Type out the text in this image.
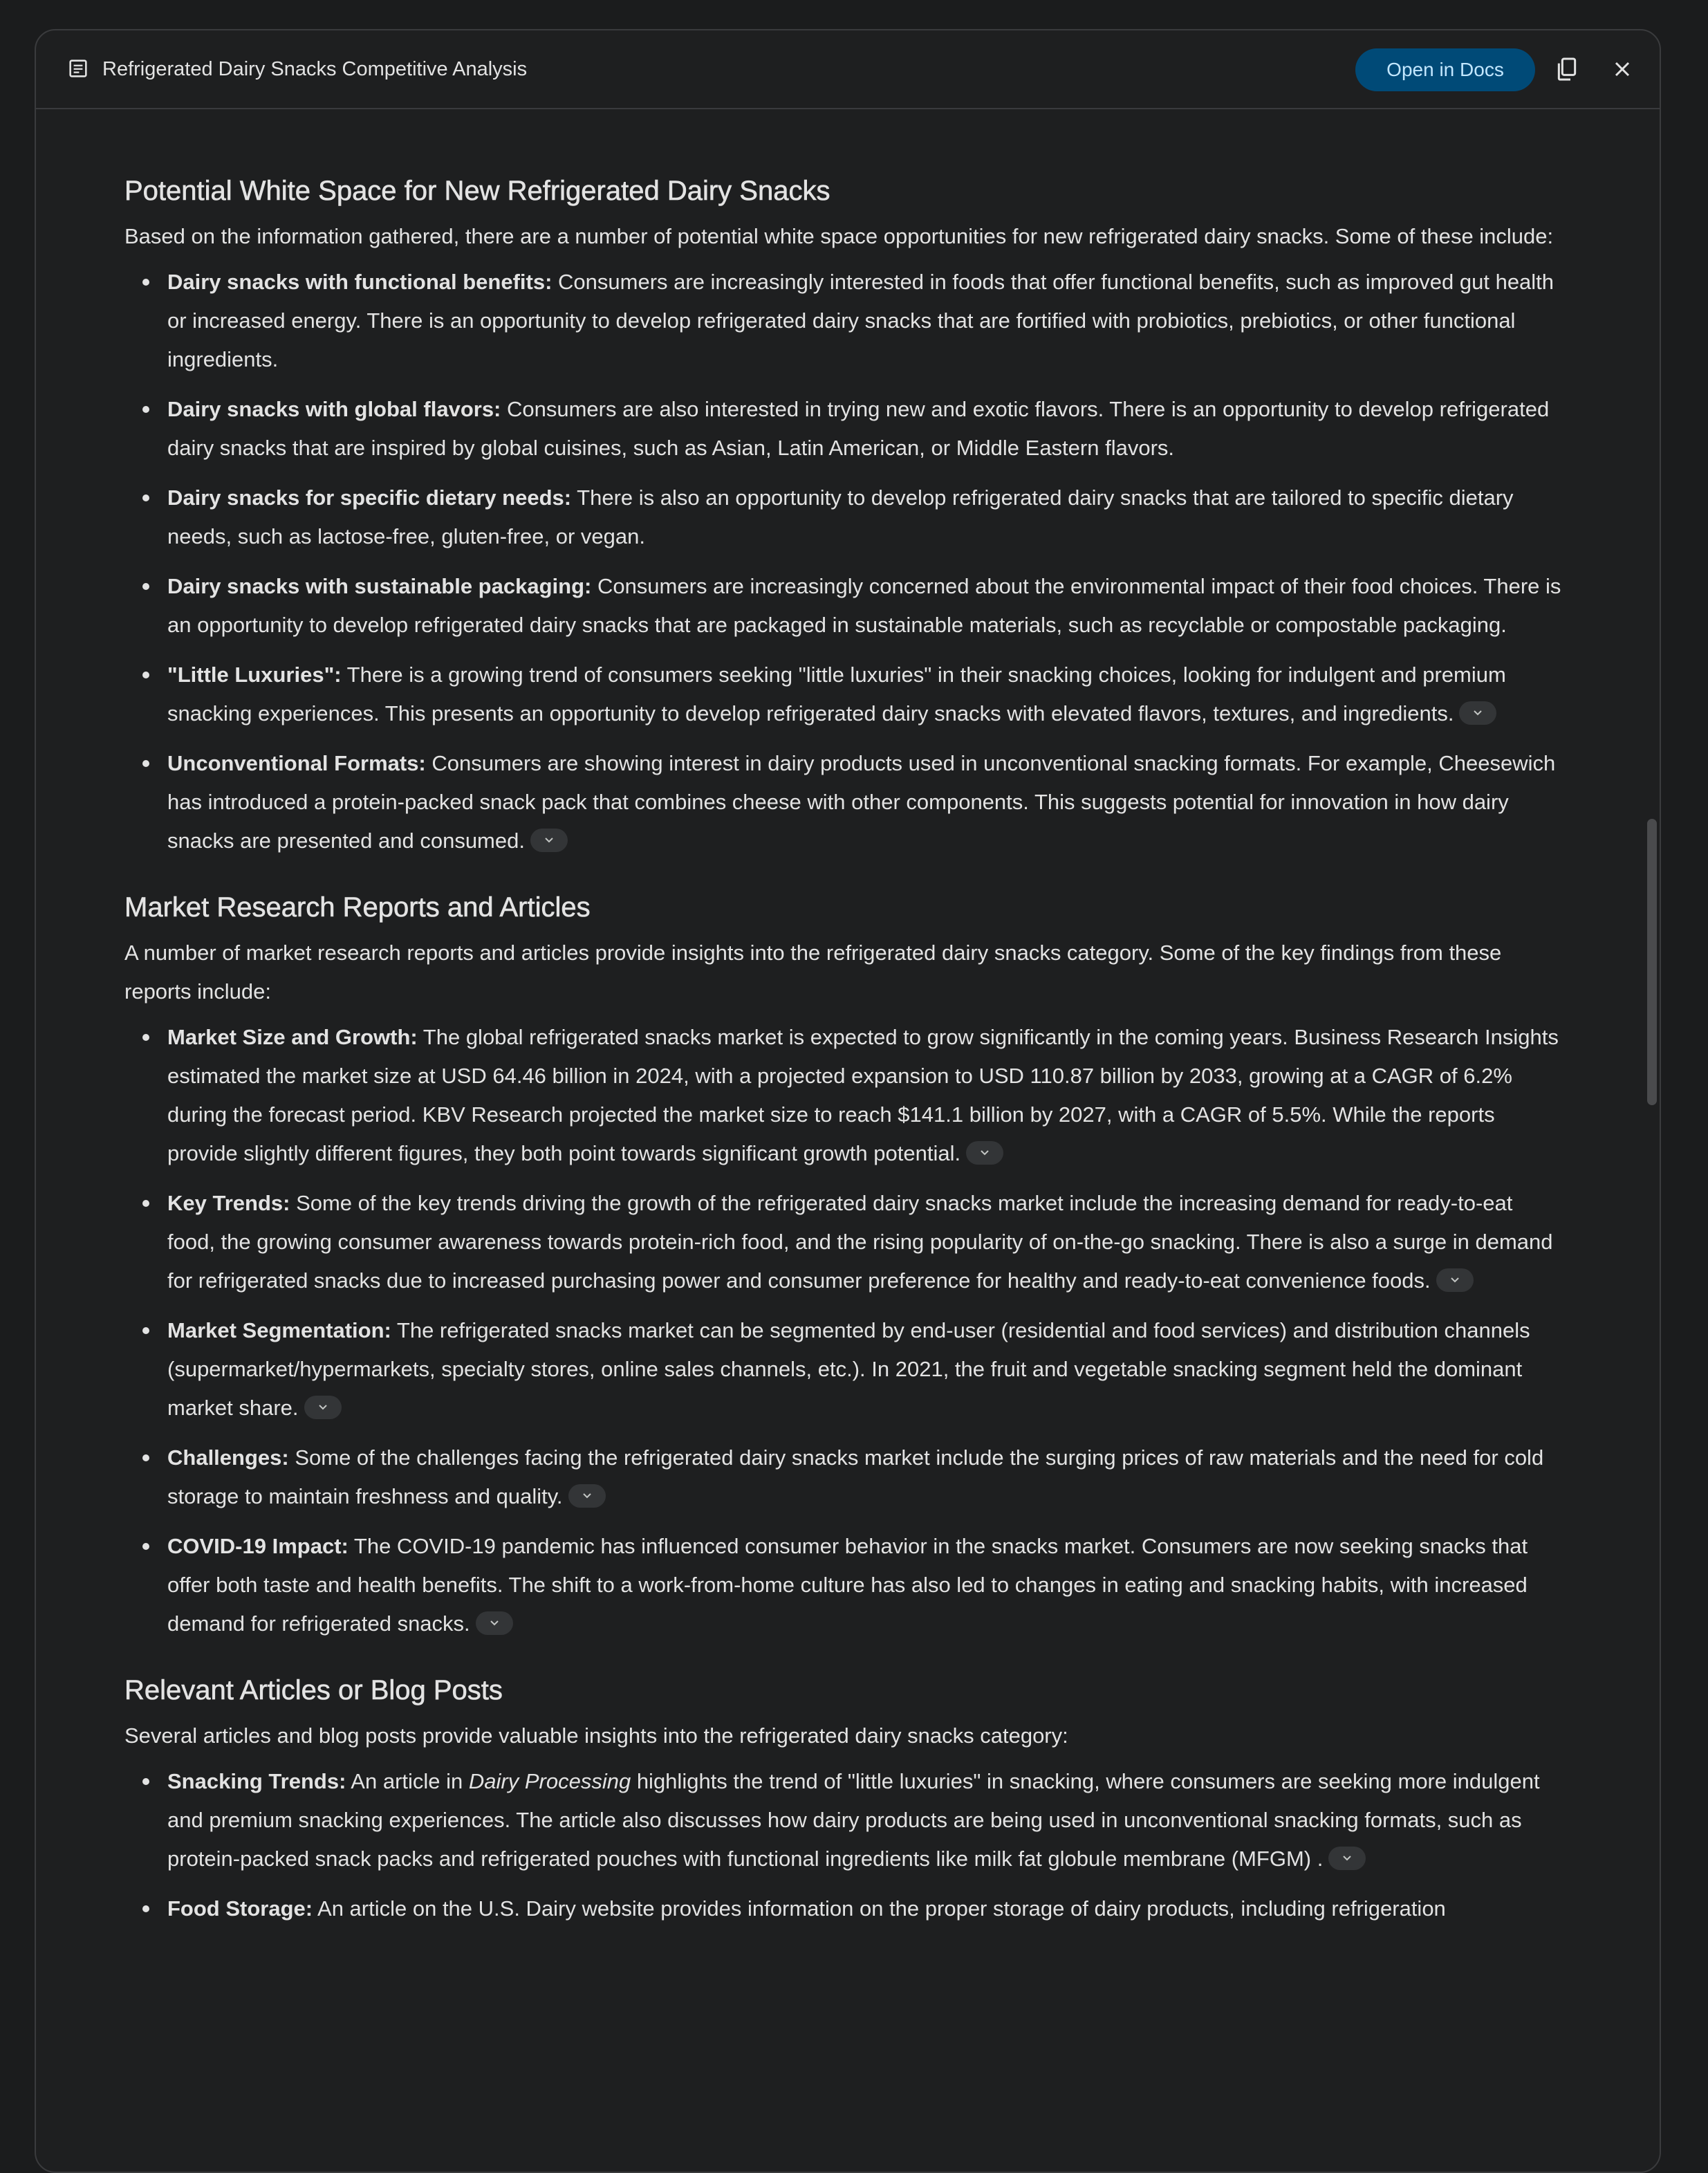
Refrigerated Dairy Snacks Competitive Analysis	Open in Docs
Potential White Space for New Refrigerated Dairy Snacks

Based on the information gathered, there are a number of potential white space opportunities for new refrigerated dairy snacks. Some of these include:

Dairy snacks with functional benefits: Consumers are increasingly interested in foods that offer functional benefits, such as improved gut health or increased energy. There is an opportunity to develop refrigerated dairy snacks that are fortified with probiotics, prebiotics, or other functional ingredients.
Dairy snacks with global flavors: Consumers are also interested in trying new and exotic flavors. There is an opportunity to develop refrigerated dairy snacks that are inspired by global cuisines, such as Asian, Latin American, or Middle Eastern flavors.
Dairy snacks for specific dietary needs: There is also an opportunity to develop refrigerated dairy snacks that are tailored to specific dietary needs, such as lactose-free, gluten-free, or vegan.
Dairy snacks with sustainable packaging: Consumers are increasingly concerned about the environmental impact of their food choices. There is an opportunity to develop refrigerated dairy snacks that are packaged in sustainable materials, such as recyclable or compostable packaging.
"Little Luxuries": There is a growing trend of consumers seeking "little luxuries" in their snacking choices, looking for indulgent and premium snacking experiences. This presents an opportunity to develop refrigerated dairy snacks with elevated flavors, textures, and ingredients.
Unconventional Formats: Consumers are showing interest in dairy products used in unconventional snacking formats. For example, Cheesewich has introduced a protein-packed snack pack that combines cheese with other components. This suggests potential for innovation in how dairy snacks are presented and consumed.
Market Research Reports and Articles

A number of market research reports and articles provide insights into the refrigerated dairy snacks category. Some of the key findings from these reports include:

Market Size and Growth: The global refrigerated snacks market is expected to grow significantly in the coming years. Business Research Insights estimated the market size at USD 64.46 billion in 2024, with a projected expansion to USD 110.87 billion by 2033, growing at a CAGR of 6.2% during the forecast period. KBV Research projected the market size to reach $141.1 billion by 2027, with a CAGR of 5.5%. While the reports provide slightly different figures, they both point towards significant growth potential.
Key Trends: Some of the key trends driving the growth of the refrigerated dairy snacks market include the increasing demand for ready-to-eat food, the growing consumer awareness towards protein-rich food, and the rising popularity of on-the-go snacking. There is also a surge in demand for refrigerated snacks due to increased purchasing power and consumer preference for healthy and ready-to-eat convenience foods.
Market Segmentation: The refrigerated snacks market can be segmented by end-user (residential and food services) and distribution channels (supermarket/hypermarkets, specialty stores, online sales channels, etc.). In 2021, the fruit and vegetable snacking segment held the dominant market share.
Challenges: Some of the challenges facing the refrigerated dairy snacks market include the surging prices of raw materials and the need for cold storage to maintain freshness and quality.
COVID-19 Impact: The COVID-19 pandemic has influenced consumer behavior in the snacks market. Consumers are now seeking snacks that offer both taste and health benefits. The shift to a work-from-home culture has also led to changes in eating and snacking habits, with increased demand for refrigerated snacks.
Relevant Articles or Blog Posts

Several articles and blog posts provide valuable insights into the refrigerated dairy snacks category:

Snacking Trends: An article in Dairy Processing highlights the trend of "little luxuries" in snacking, where consumers are seeking more indulgent and premium snacking experiences. The article also discusses how dairy products are being used in unconventional snacking formats, such as protein-packed snack packs and refrigerated pouches with functional ingredients like milk fat globule membrane (MFGM) .
Food Storage: An article on the U.S. Dairy website provides information on the proper storage of dairy products, including refrigeration
